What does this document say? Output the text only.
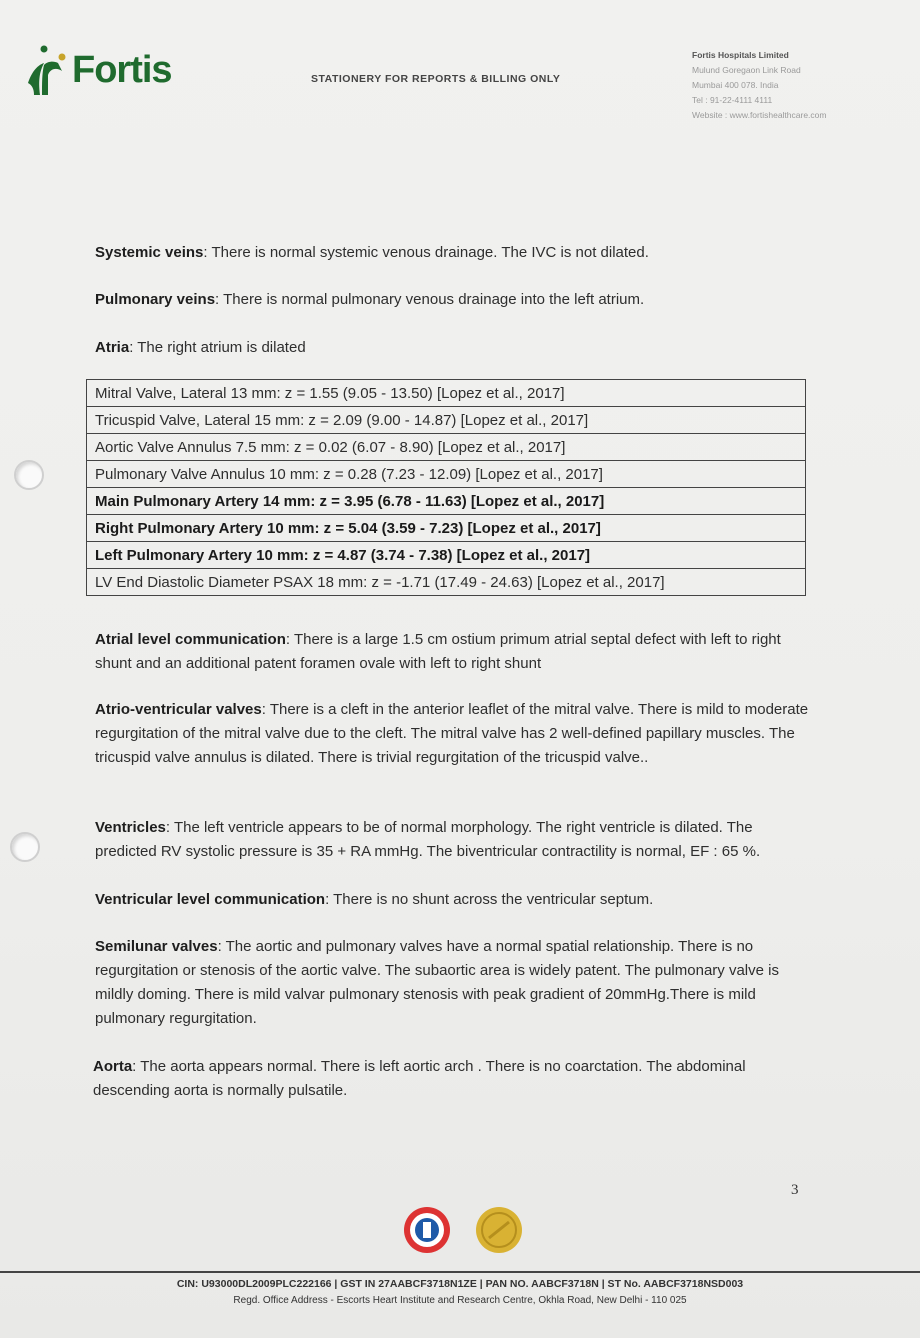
Fortis	STATIONERY FOR REPORTS & BILLING ONLY
Fortis Hospitals Limited
Mulund Goregaon Link Road
Mumbai 400 078. India
Tel : 91-22-4111 4111
Website : www.fortishealthcare.com
Systemic veins: There is normal systemic venous drainage. The IVC is not dilated.
Pulmonary veins: There is normal pulmonary venous drainage into the left atrium.
Atria: The right atrium is dilated
Mitral Valve, Lateral 13 mm: z = 1.55 (9.05 - 13.50) [Lopez et al., 2017]
Tricuspid Valve, Lateral 15 mm: z = 2.09 (9.00 - 14.87) [Lopez et al., 2017]
Aortic Valve Annulus 7.5 mm: z = 0.02 (6.07 - 8.90) [Lopez et al., 2017]
Pulmonary Valve Annulus 10 mm: z = 0.28 (7.23 - 12.09) [Lopez et al., 2017]
Main Pulmonary Artery 14 mm: z = 3.95 (6.78 - 11.63) [Lopez et al., 2017]
Right Pulmonary Artery 10 mm: z = 5.04 (3.59 - 7.23) [Lopez et al., 2017]
Left Pulmonary Artery 10 mm: z = 4.87 (3.74 - 7.38) [Lopez et al., 2017]
LV End Diastolic Diameter PSAX 18 mm: z = -1.71 (17.49 - 24.63) [Lopez et al., 2017]
Atrial level communication: There is a large 1.5 cm ostium primum atrial septal defect with left to right shunt and an additional patent foramen ovale with left to right shunt
Atrio-ventricular valves: There is a cleft in the anterior leaflet of the mitral valve. There is mild to moderate regurgitation of the mitral valve due to the cleft. The mitral valve has 2 well-defined papillary muscles. The tricuspid valve annulus is dilated. There is trivial regurgitation of the tricuspid valve..
Ventricles: The left ventricle appears to be of normal morphology. The right ventricle is dilated. The predicted RV systolic pressure is 35 + RA mmHg. The biventricular contractility is normal, EF : 65 %.
Ventricular level communication: There is no shunt across the ventricular septum.
Semilunar valves: The aortic and pulmonary valves have a normal spatial relationship. There is no regurgitation or stenosis of the aortic valve. The subaortic area is widely patent. The pulmonary valve is mildly doming. There is mild valvar pulmonary stenosis with peak gradient of 20mmHg.There is mild pulmonary regurgitation.
Aorta: The aorta appears normal. There is left aortic arch . There is no coarctation. The abdominal descending aorta is normally pulsatile.
3
CIN: U93000DL2009PLC222166 | GST IN 27AABCF3718N1ZE | PAN NO. AABCF3718N | ST No. AABCF3718NSD003
Regd. Office Address - Escorts Heart Institute and Research Centre, Okhla Road, New Delhi - 110 025
